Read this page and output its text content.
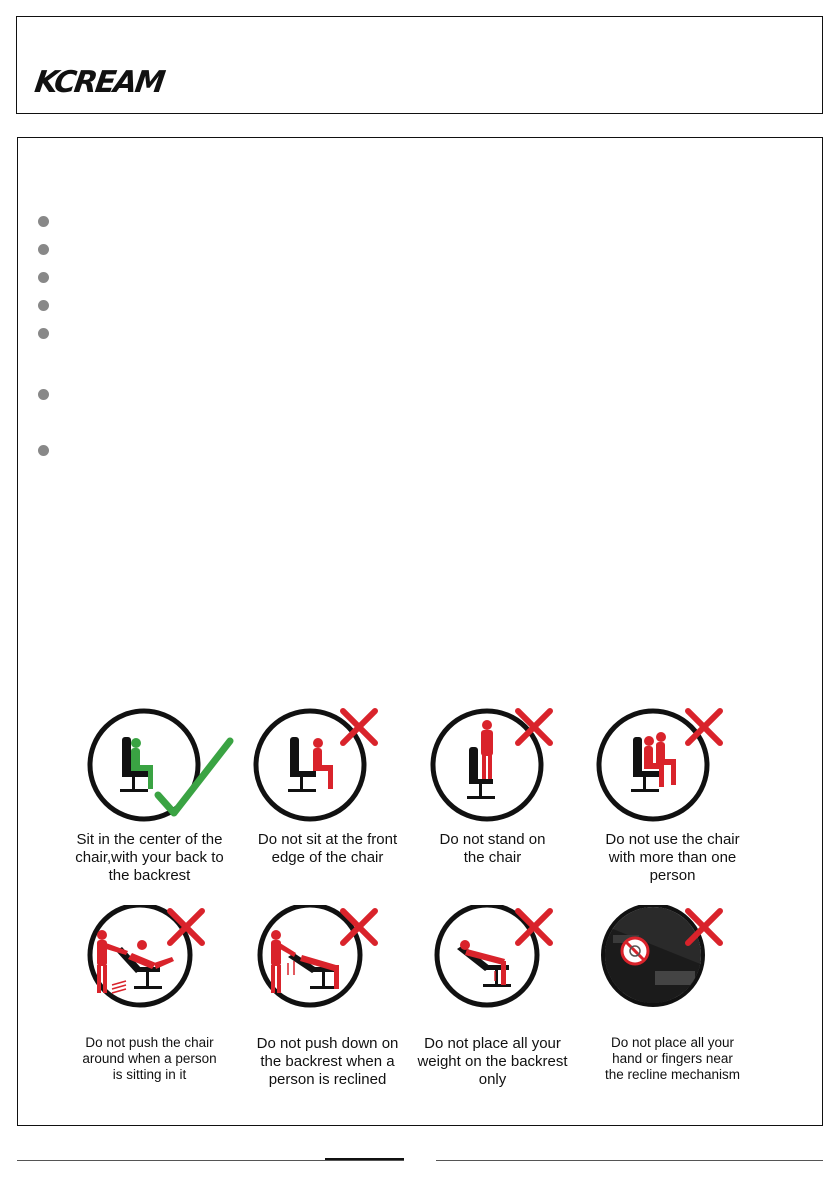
KCREAM
Sit in the center of the
chair,with your back to
the backrest
Do not sit at the front
edge of the chair
Do not stand on
the chair
Do not use the chair
with more than one
person
Do not push the chair
around when a person
is sitting in it
Do not push down on
the backrest when a
person is reclined
Do not place all your
weight on the backrest
only
Do not place all your
hand or fingers near
the recline mechanism
